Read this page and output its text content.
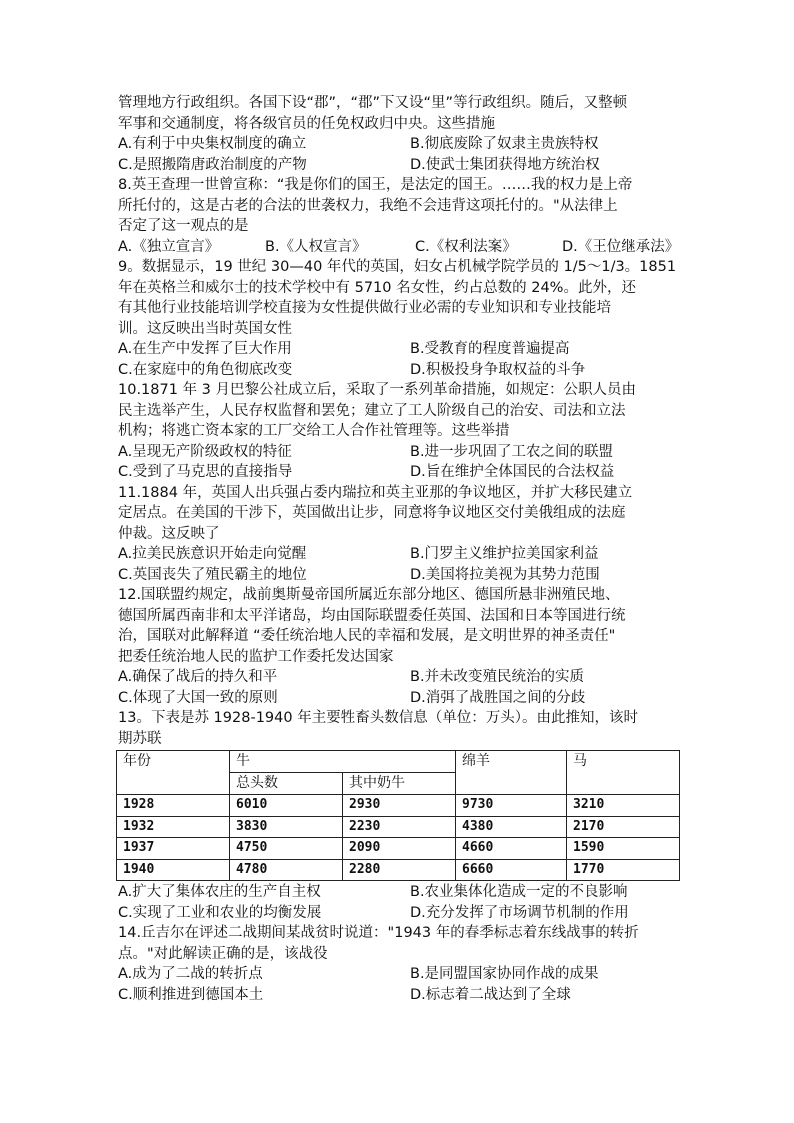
管理地方行政组织。各国下设“郡”，“郡”下又设“里”等行政组织。随后，又整顿

军事和交通制度，将各级官员的任免权政归中央。这些措施

A.有利于中央集权制度的确立	B.彻底废除了奴隶主贵族特权
C.是照搬隋唐政治制度的产物	D.使武士集团获得地方统治权

8.英王查理一世曾宣称：“我是你们的国王，是法定的国王。……我的权力是上帝

所托付的，这是古老的合法的世袭权力，我绝不会违背这项托付的。"从法律上

否定了这一观点的是

A.《独立宣言》	B.《人权宣言》	C.《权利法案》	D.《王位继承法》

9。数据显示，19 世纪 30—40 年代的英国，妇女占机械学院学员的 1/5～1/3。1851

年在英格兰和威尔士的技术学校中有 5710 名女性，约占总数的 24%。此外，还

有其他行业技能培训学校直接为女性提供做行业必需的专业知识和专业技能培

训。这反映出当时英国女性

A.在生产中发挥了巨大作用	B.受教育的程度普遍提高
C.在家庭中的角色彻底改变	D.积极投身争取权益的斗争

10.1871 年 3 月巴黎公社成立后，采取了一系列革命措施，如规定：公职人员由

民主选举产生，人民存权监督和罢免；建立了工人阶级自己的治安、司法和立法

机构；将逃亡资本家的工厂交给工人合作社管理等。这些举措

A.呈现无产阶级政权的特征	B.进一步巩固了工农之间的联盟
C.受到了马克思的直接指导	D.旨在维护全体国民的合法权益

11.1884 年，英国人出兵强占委内瑞拉和英主亚那的争议地区，并扩大移民建立

定居点。在美国的干涉下，英国做出让步，同意将争议地区交付美俄组成的法庭

仲裁。这反映了

A.拉美民族意识开始走向觉醒	B.门罗主义维护拉美国家利益
C.英国丧失了殖民霸主的地位	D.美国将拉美视为其势力范围

12.国联盟约规定，战前奥斯曼帝国所属近东部分地区、德国所悬非洲殖民地、

德国所属西南非和太平洋诸岛，均由国际联盟委任英国、法国和日本等国进行统

治，国联对此解释道 “委任统治地人民的幸福和发展，是文明世界的神圣责任"

把委任统治地人民的监护工作委托发达国家

A.确保了战后的持久和平	B.并未改变殖民统治的实质
C.体现了大国一致的原则	D.消弭了战胜国之间的分歧

13。下表是苏 1928-1940 年主要牲畜头数信息（单位：万头）。由此推知，该时

期苏联

年份	牛		绵羊	马
	总头数	其中奶牛		
1928	6010	2930	9730	3210
1932	3830	2230	4380	2170
1937	4750	2090	4660	1590
1940	4780	2280	6660	1770
A.扩大了集体农庄的生产自主权	B.农业集体化造成一定的不良影响
C.实现了工业和农业的均衡发展	D.充分发挥了市场调节机制的作用

14.丘吉尔在评述二战期间某战贫时说道："1943 年的春季标志着东线战事的转折

点。"对此解读正确的是，该战役

A.成为了二战的转折点	B.是同盟国家协同作战的成果
C.顺利推进到德国本土	D.标志着二战达到了全球
